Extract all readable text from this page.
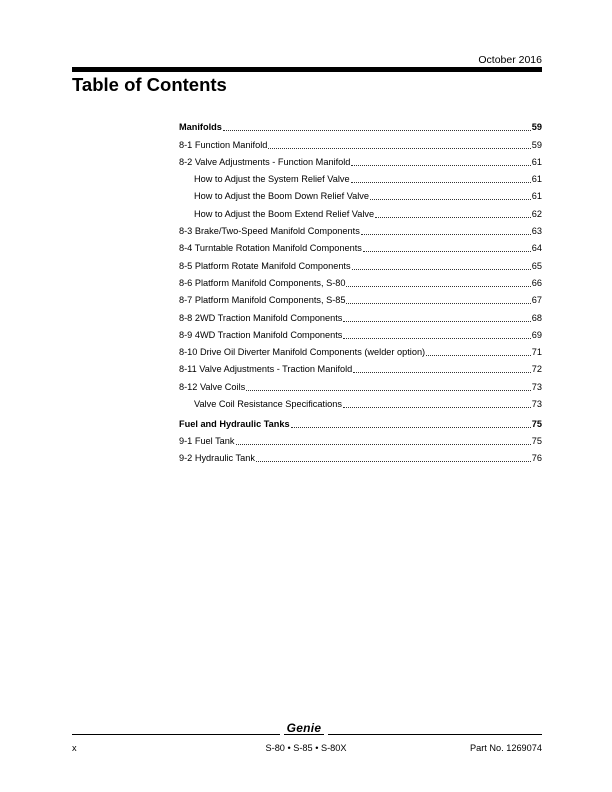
October 2016
Table of Contents
Manifolds	59
8-1 Function Manifold	59
8-2 Valve Adjustments - Function Manifold	61
How to Adjust the System Relief Valve	61
How to Adjust the Boom Down Relief Valve	61
How to Adjust the Boom Extend Relief Valve	62
8-3 Brake/Two-Speed Manifold Components	63
8-4 Turntable Rotation Manifold Components	64
8-5 Platform Rotate Manifold Components	65
8-6 Platform Manifold Components, S-80	66
8-7 Platform Manifold Components, S-85	67
8-8 2WD Traction Manifold Components	68
8-9 4WD Traction Manifold Components	69
8-10 Drive Oil Diverter Manifold Components (welder option)	71
8-11 Valve Adjustments - Traction Manifold	72
8-12 Valve Coils	73
Valve Coil Resistance Specifications	73
Fuel and Hydraulic Tanks	75
9-1 Fuel Tank	75
9-2 Hydraulic Tank	76
Genie
x	S-80 • S-85 • S-80X	Part No. 1269074
